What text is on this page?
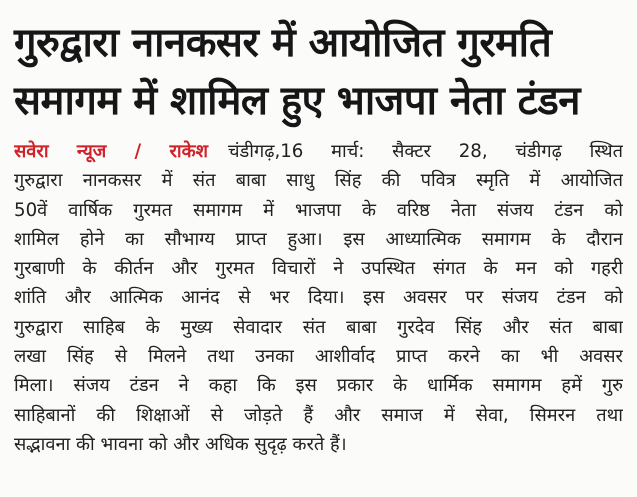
गुरुद्वारा नानकसर में आयोजित गुरमति
समागम में शामिल हुए भाजपा नेता टंडन
सवेरा न्यूज / राकेश चंडीगढ़,16 मार्च: सैक्टर 28, चंडीगढ़ स्थित
गुरुद्वारा नानकसर में संत बाबा साधु सिंह की पवित्र स्मृति में आयोजित
50वें वार्षिक गुरमत समागम में भाजपा के वरिष्ठ नेता संजय टंडन को
शामिल होने का सौभाग्य प्राप्त हुआ। इस आध्यात्मिक समागम के दौरान
गुरबाणी के कीर्तन और गुरमत विचारों ने उपस्थित संगत के मन को गहरी
शांति और आत्मिक आनंद से भर दिया। इस अवसर पर संजय टंडन को
गुरुद्वारा साहिब के मुख्य सेवादार संत बाबा गुरदेव सिंह और संत बाबा
लखा सिंह से मिलने तथा उनका आशीर्वाद प्राप्त करने का भी अवसर
मिला। संजय टंडन ने कहा कि इस प्रकार के धार्मिक समागम हमें गुरु
साहिबानों की शिक्षाओं से जोड़ते हैं और समाज में सेवा, सिमरन तथा
सद्भावना की भावना को और अधिक सुदृढ़ करते हैं।
